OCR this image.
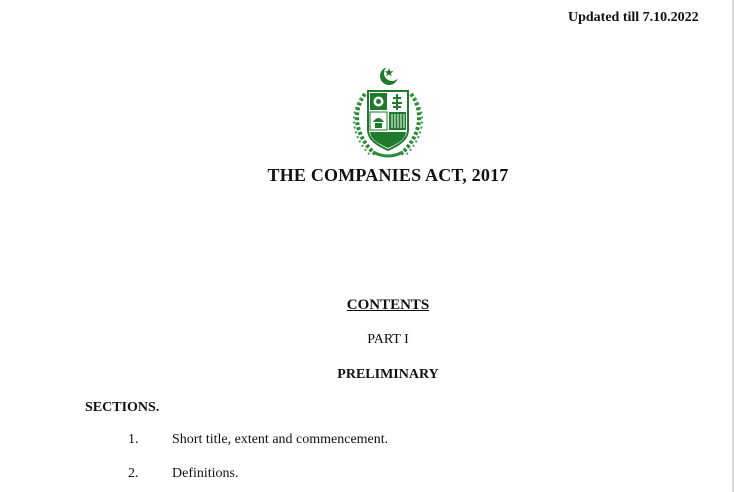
Updated till 7.10.2022
THE COMPANIES ACT, 2017
CONTENTS
PART I
PRELIMINARY
SECTIONS.
1. Short title, extent and commencement.
2. Definitions.
